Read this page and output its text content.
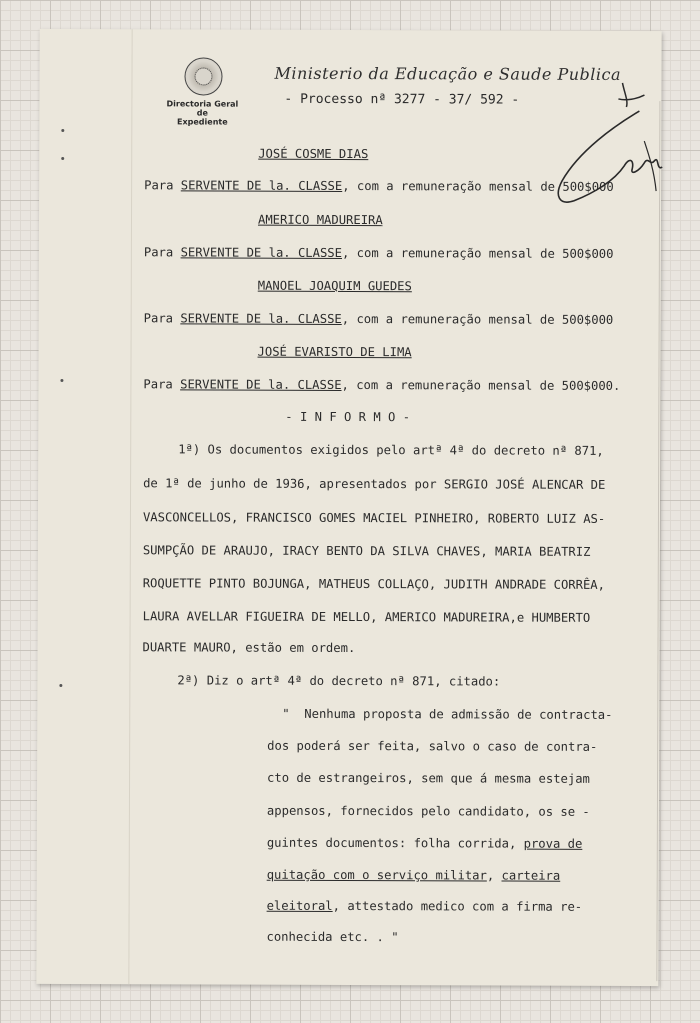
Directoria Geral
de
Expediente
Ministerio da Educação e Saude Publica
- Processo nª 3277 - 37/ 592 -
JOSÉ COSME DIAS
Para SERVENTE DE la. CLASSE, com a remuneração mensal de 500$000
AMERICO MADUREIRA
Para SERVENTE DE la. CLASSE, com a remuneração mensal de 500$000
MANOEL JOAQUIM GUEDES
Para SERVENTE DE la. CLASSE, com a remuneração mensal de 500$000
JOSÉ EVARISTO DE LIMA
Para SERVENTE DE la. CLASSE, com a remuneração mensal de 500$000.
- I N F O R M O -
1ª) Os documentos exigidos pelo artª 4ª do decreto nª 871,
de 1ª de junho de 1936, apresentados por SERGIO JOSÉ ALENCAR DE
VASCONCELLOS, FRANCISCO GOMES MACIEL PINHEIRO, ROBERTO LUIZ AS-
SUMPÇÃO DE ARAUJO, IRACY BENTO DA SILVA CHAVES, MARIA BEATRIZ
ROQUETTE PINTO BOJUNGA, MATHEUS COLLAÇO, JUDITH ANDRADE CORRÊA,
LAURA AVELLAR FIGUEIRA DE MELLO, AMERICO MADUREIRA,e HUMBERTO
DUARTE MAURO, estão em ordem.
2ª) Diz o artª 4ª do decreto nª 871, citado:
"  Nenhuma proposta de admissão de contracta-
dos poderá ser feita, salvo o caso de contra-
cto de estrangeiros, sem que á mesma estejam
appensos, fornecidos pelo candidato, os se -
guintes documentos: folha corrida, prova de
quitação com o serviço militar, carteira
eleitoral, attestado medico com a firma re-
conhecida etc. . "
